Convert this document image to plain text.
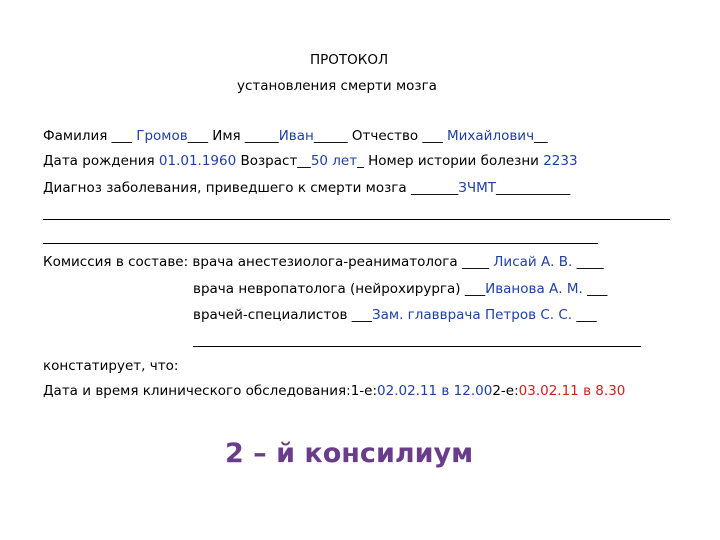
ПРОТОКОЛ
установления смерти мозга
Фамилия ___ Громов___ Имя _____Иван_____ Отчество ___ Михайлович__
Дата рождения 01.01.1960 Возраст__50 лет_ Номер истории болезни 2233
Диагноз заболевания, приведшего к смерти мозга _______ЗЧМТ___________
Комиссия в составе: врача анестезиолога-реаниматолога ____ Лисай А. В. ____
врача невропатолога (нейрохирурга) ___Иванова А. М. ___
врачей-специалистов ___Зам. главврача Петров С. С. ___
констатирует, что:
Дата и время клинического обследования:1-е:02.02.11 в 12.002-е:03.02.11 в 8.30
2 – й консилиум
